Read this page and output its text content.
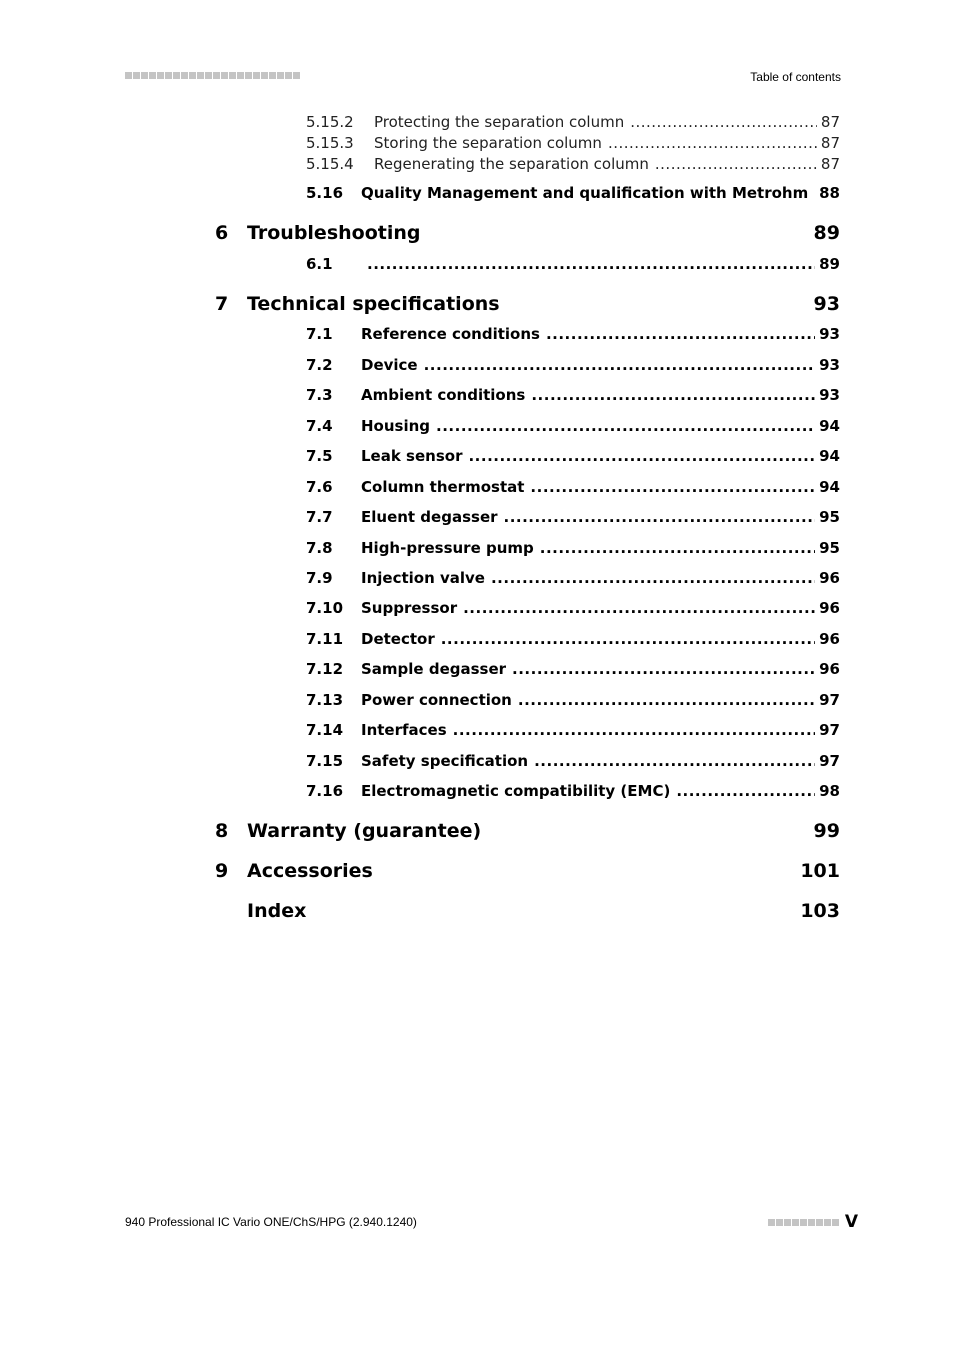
Table of contents
5.15.2	Protecting the separation column .....	87
5.15.3	Storing the separation column .....	87
5.15.4	Regenerating the separation column .....	87
5.16	Quality Management and qualification with Metrohm ..... 88
6 Troubleshooting	89
6.1 .....	89
7 Technical specifications	93
7.1	Reference conditions .....	93
7.2	Device .....	93
7.3	Ambient conditions .....	93
7.4	Housing .....	94
7.5	Leak sensor .....	94
7.6	Column thermostat .....	94
7.7	Eluent degasser .....	95
7.8	High-pressure pump .....	95
7.9	Injection valve .....	96
7.10	Suppressor .....	96
7.11	Detector .....	96
7.12	Sample degasser .....	96
7.13	Power connection .....	97
7.14	Interfaces .....	97
7.15	Safety specification .....	97
7.16	Electromagnetic compatibility (EMC) .....	98
8 Warranty (guarantee)	99
9 Accessories	101
Index	103
940 Professional IC Vario ONE/ChS/HPG (2.940.1240)	V
